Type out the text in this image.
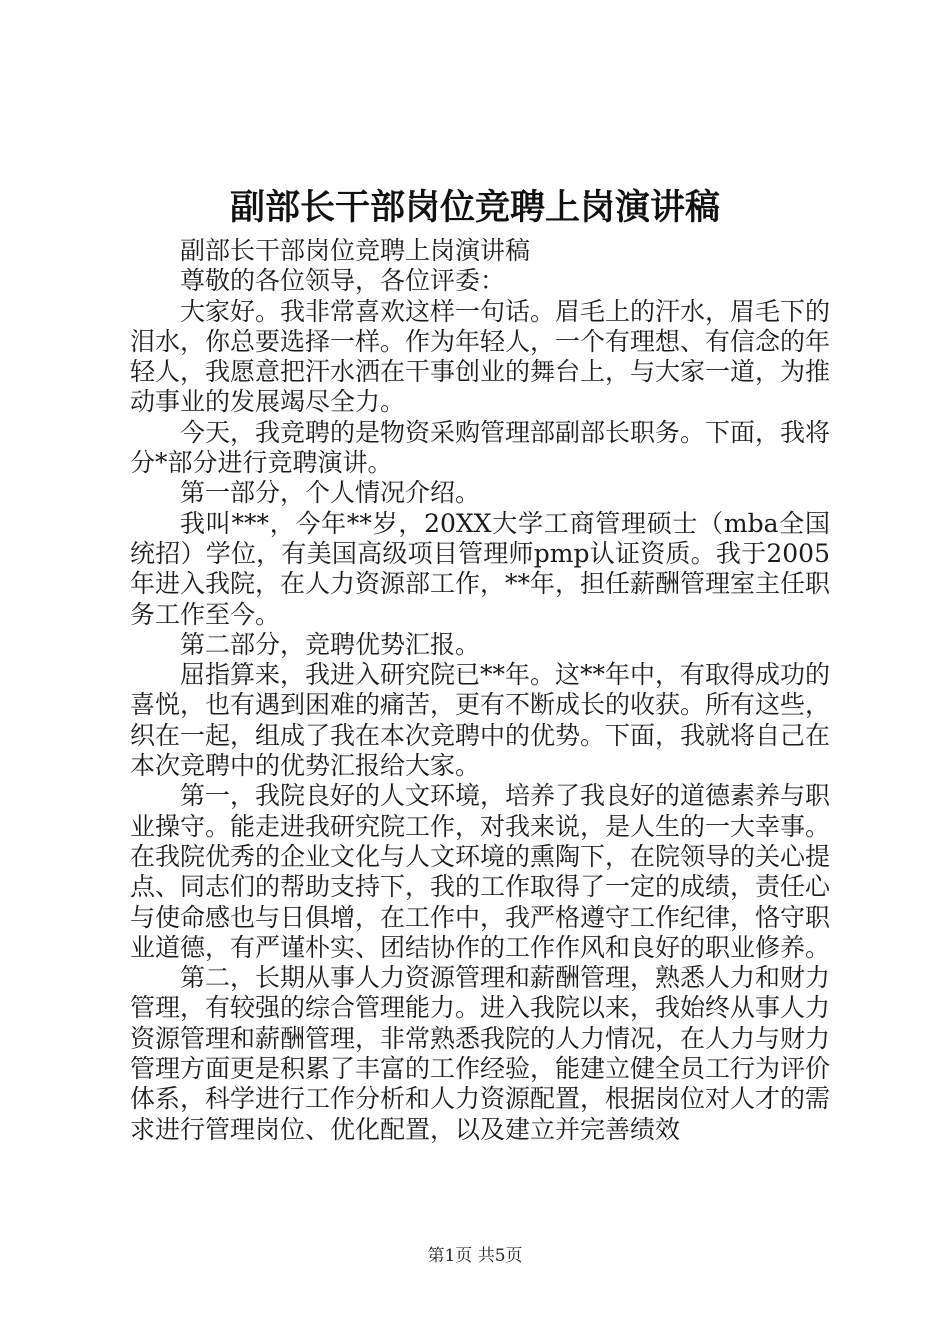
副部长干部岗位竞聘上岗演讲稿

副部长干部岗位竞聘上岗演讲稿

尊敬的各位领导，各位评委：

大家好。我非常喜欢这样一句话。眉毛上的汗水，眉毛下的泪水，你总要选择一样。作为年轻人，一个有理想、有信念的年轻人，我愿意把汗水洒在干事创业的舞台上，与大家一道，为推动事业的发展竭尽全力。

今天，我竞聘的是物资采购管理部副部长职务。下面，我将分*部分进行竞聘演讲。

第一部分，个人情况介绍。

我叫***，今年**岁，20XX大学工商管理硕士（mba全国统招）学位，有美国高级项目管理师pmp认证资质。我于2005年进入我院，在人力资源部工作，**年，担任薪酬管理室主任职务工作至今。

第二部分，竞聘优势汇报。

屈指算来，我进入研究院已**年。这**年中，有取得成功的喜悦，也有遇到困难的痛苦，更有不断成长的收获。所有这些，织在一起，组成了我在本次竞聘中的优势。下面，我就将自己在本次竞聘中的优势汇报给大家。

第一，我院良好的人文环境，培养了我良好的道德素养与职业操守。能走进我研究院工作，对我来说，是人生的一大幸事。在我院优秀的企业文化与人文环境的熏陶下，在院领导的关心提点、同志们的帮助支持下，我的工作取得了一定的成绩，责任心与使命感也与日俱增，在工作中，我严格遵守工作纪律，恪守职业道德，有严谨朴实、团结协作的工作作风和良好的职业修养。

第二，长期从事人力资源管理和薪酬管理，熟悉人力和财力管理，有较强的综合管理能力。进入我院以来，我始终从事人力资源管理和薪酬管理，非常熟悉我院的人力情况，在人力与财力管理方面更是积累了丰富的工作经验，能建立健全员工行为评价体系，科学进行工作分析和人力资源配置，根据岗位对人才的需求进行管理岗位、优化配置，以及建立并完善绩效

第1页 共5页
